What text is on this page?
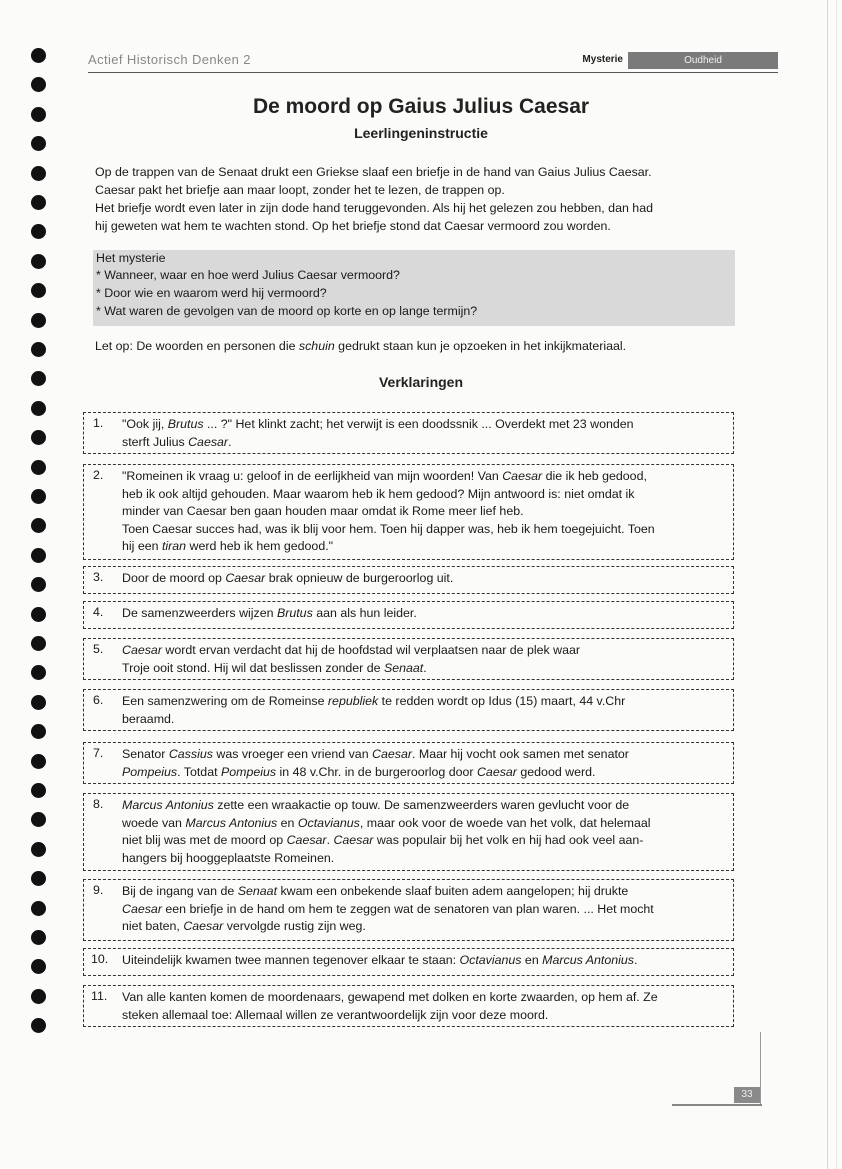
Actief Historisch Denken 2	Mysterie	Oudheid
De moord op Gaius Julius Caesar
Leerlingeninstructie

Op de trappen van de Senaat drukt een Griekse slaaf een briefje in de hand van Gaius Julius Caesar.

Caesar pakt het briefje aan maar loopt, zonder het te lezen, de trappen op.

Het briefje wordt even later in zijn dode hand teruggevonden. Als hij het gelezen zou hebben, dan had

hij geweten wat hem te wachten stond. Op het briefje stond dat Caesar vermoord zou worden.

Het mysterie
* Wanneer, waar en hoe werd Julius Caesar vermoord?
* Door wie en waarom werd hij vermoord?
* Wat waren de gevolgen van de moord op korte en op lange termijn?
Let op: De woorden en personen die schuin gedrukt staan kun je opzoeken in het inkijkmateriaal.
Verklaringen
1. "Ook jij, Brutus ... ?" Het klinkt zacht; het verwijt is een doodssnik ... Overdekt met 23 wonden
sterft Julius Caesar.
2. "Romeinen ik vraag u: geloof in de eerlijkheid van mijn woorden! Van Caesar die ik heb gedood,
heb ik ook altijd gehouden. Maar waarom heb ik hem gedood? Mijn antwoord is: niet omdat ik
minder van Caesar ben gaan houden maar omdat ik Rome meer lief heb.
Toen Caesar succes had, was ik blij voor hem. Toen hij dapper was, heb ik hem toegejuicht. Toen
hij een tiran werd heb ik hem gedood."
3. Door de moord op Caesar brak opnieuw de burgeroorlog uit.
4. De samenzweerders wijzen Brutus aan als hun leider.
5. Caesar wordt ervan verdacht dat hij de hoofdstad wil verplaatsen naar de plek waar
Troje ooit stond. Hij wil dat beslissen zonder de Senaat.
6. Een samenzwering om de Romeinse republiek te redden wordt op Idus (15) maart, 44 v.Chr
beraamd.
7. Senator Cassius was vroeger een vriend van Caesar. Maar hij vocht ook samen met senator
Pompeius. Totdat Pompeius in 48 v.Chr. in de burgeroorlog door Caesar gedood werd.
8. Marcus Antonius zette een wraakactie op touw. De samenzweerders waren gevlucht voor de
woede van Marcus Antonius en Octavianus, maar ook voor de woede van het volk, dat helemaal
niet blij was met de moord op Caesar. Caesar was populair bij het volk en hij had ook veel aan-
hangers bij hooggeplaatste Romeinen.
9. Bij de ingang van de Senaat kwam een onbekende slaaf buiten adem aangelopen; hij drukte
Caesar een briefje in de hand om hem te zeggen wat de senatoren van plan waren. ... Het mocht
niet baten, Caesar vervolgde rustig zijn weg.
10. Uiteindelijk kwamen twee mannen tegenover elkaar te staan: Octavianus en Marcus Antonius.
11. Van alle kanten komen de moordenaars, gewapend met dolken en korte zwaarden, op hem af. Ze
steken allemaal toe: Allemaal willen ze verantwoordelijk zijn voor deze moord.
33
